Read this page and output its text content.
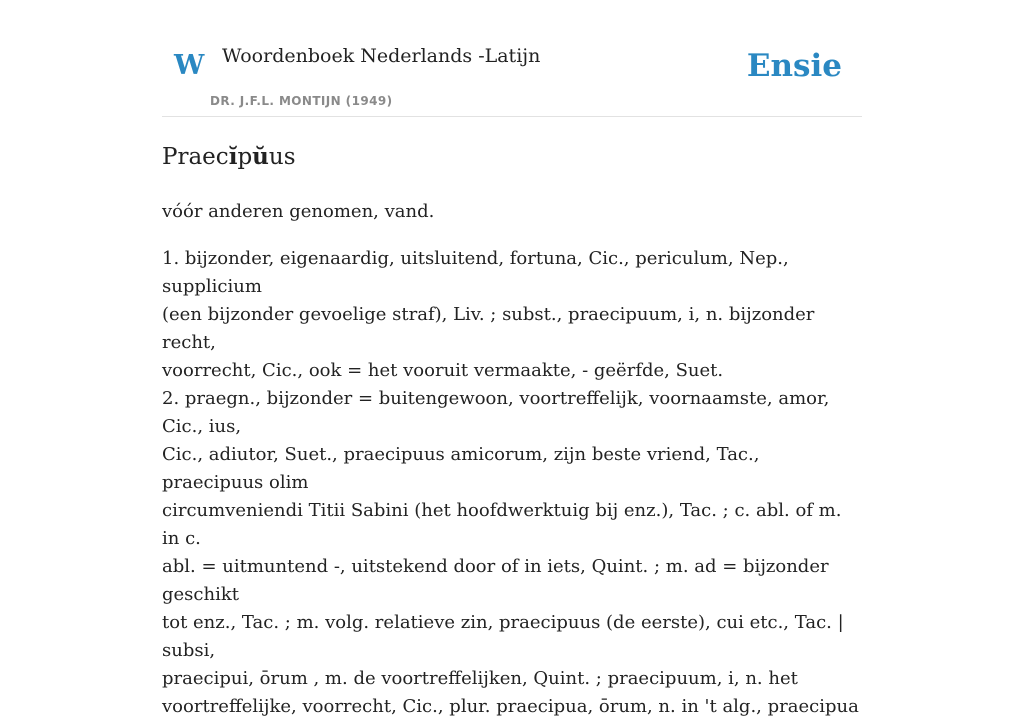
W Woordenboek Nederlands -Latijn
DR. J.F.L. MONTIJN (1949)
Ensie
Praecĭpŭus

vóór anderen genomen, vand.

1. bijzonder, eigenaardig, uitsluitend, fortuna, Cic., periculum, Nep., supplicium
(een bijzonder gevoelige straf), Liv. ; subst., praecipuum, i, n. bijzonder recht,
voorrecht, Cic., ook = het vooruit vermaakte, - geërfde, Suet.
2. praegn., bijzonder = buitengewoon, voortreffelijk, voornaamste, amor, Cic., ius,
Cic., adiutor, Suet., praecipuus amicorum, zijn beste vriend, Tac., praecipuus olim
circumveniendi Titii Sabini (het hoofdwerktuig bij enz.), Tac. ; c. abl. of m. in c.
abl. = uitmuntend -, uitstekend door of in iets, Quint. ; m. ad = bijzonder geschikt
tot enz., Tac. ; m. volg. relatieve zin, praecipuus (de eerste), cui etc., Tac. | subsi,
praecipui, ōrum , m. de voortreffelijken, Quint. ; praecipuum, i, n. het
voortreffelijke, voorrecht, Cic., plur. praecipua, ōrum, n. in 't alg., praecipua
